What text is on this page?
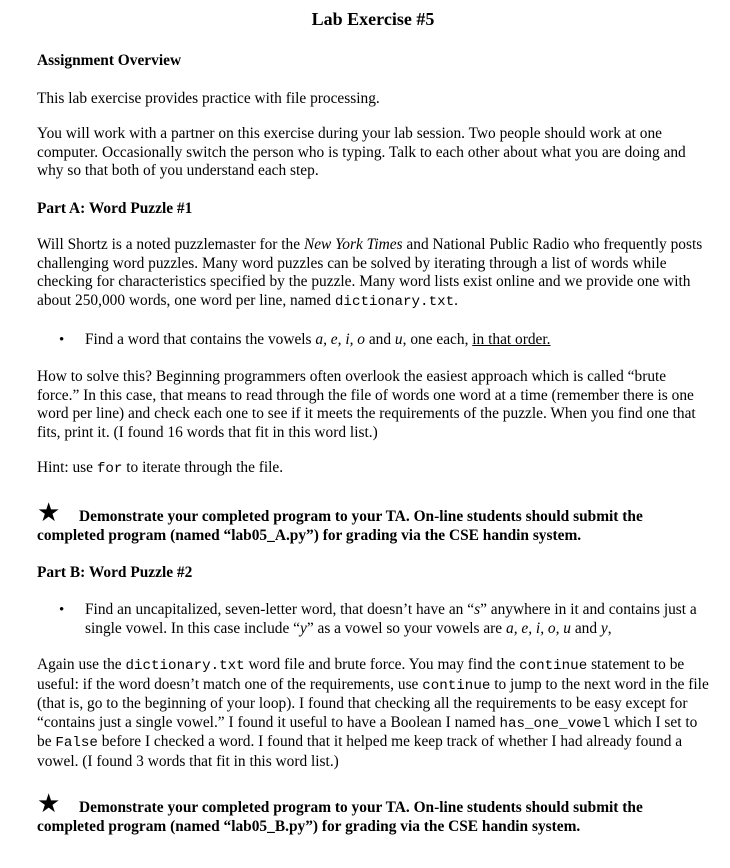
Lab Exercise #5

Assignment Overview

This lab exercise provides practice with file processing.

You will work with a partner on this exercise during your lab session. Two people should work at one computer. Occasionally switch the person who is typing. Talk to each other about what you are doing and why so that both of you understand each step.

Part A: Word Puzzle #1

Will Shortz is a noted puzzlemaster for the New York Times and National Public Radio who frequently posts challenging word puzzles. Many word puzzles can be solved by iterating through a list of words while checking for characteristics specified by the puzzle. Many word lists exist online and we provide one with about 250,000 words, one word per line, named dictionary.txt.

• Find a word that contains the vowels a, e, i, o and u, one each, in that order.

How to solve this? Beginning programmers often overlook the easiest approach which is called “brute force.” In this case, that means to read through the file of words one word at a time (remember there is one word per line) and check each one to see if it meets the requirements of the puzzle. When you find one that fits, print it. (I found 16 words that fit in this word list.)

Hint: use for to iterate through the file.

★	Demonstrate your completed program to your TA. On-line students should submit the completed program (named “lab05_A.py”) for grading via the CSE handin system.

Part B: Word Puzzle #2

• Find an uncapitalized, seven-letter word, that doesn’t have an “s” anywhere in it and contains just a single vowel. In this case include “y” as a vowel so your vowels are a, e, i, o, u and y,

Again use the dictionary.txt word file and brute force. You may find the continue statement to be useful: if the word doesn’t match one of the requirements, use continue to jump to the next word in the file (that is, go to the beginning of your loop). I found that checking all the requirements to be easy except for “contains just a single vowel.” I found it useful to have a Boolean I named has_one_vowel which I set to be False before I checked a word. I found that it helped me keep track of whether I had already found a vowel. (I found 3 words that fit in this word list.)

★	Demonstrate your completed program to your TA. On-line students should submit the completed program (named “lab05_B.py”) for grading via the CSE handin system.
